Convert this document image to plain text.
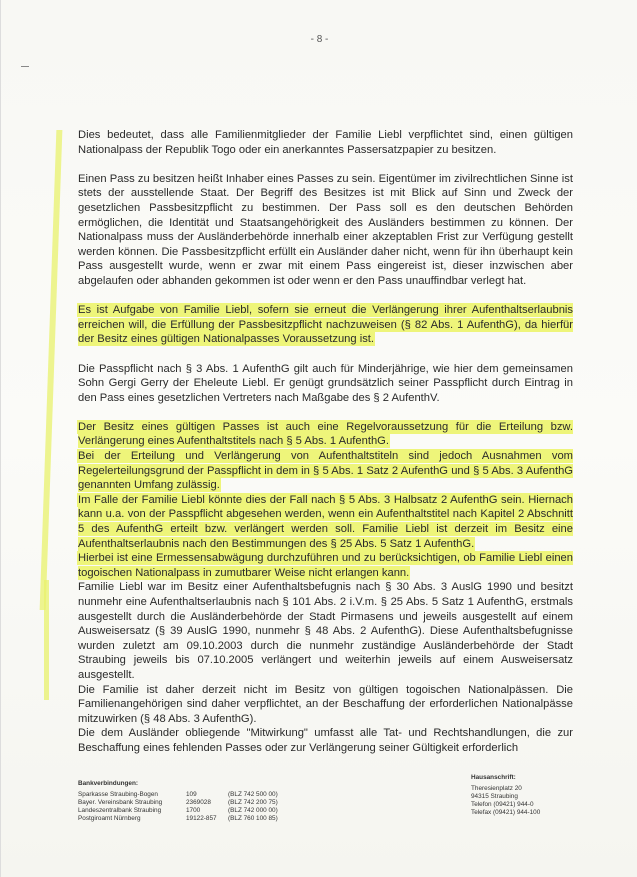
- 8 -

Dies bedeutet, dass alle Familienmitglieder der Familie Liebl verpflichtet sind, einen gültigen Nationalpass der Republik Togo oder ein anerkanntes Passersatzpapier zu besitzen.

Einen Pass zu besitzen heißt Inhaber eines Passes zu sein. Eigentümer im zivilrechtlichen Sinne ist stets der ausstellende Staat. Der Begriff des Besitzes ist mit Blick auf Sinn und Zweck der gesetzlichen Passbesitzpflicht zu bestimmen. Der Pass soll es den deutschen Behörden ermöglichen, die Identität und Staatsangehörigkeit des Ausländers bestimmen zu können. Der Nationalpass muss der Ausländerbehörde innerhalb einer akzeptablen Frist zur Verfügung gestellt werden können. Die Passbesitzpflicht erfüllt ein Ausländer daher nicht, wenn für ihn überhaupt kein Pass ausgestellt wurde, wenn er zwar mit einem Pass eingereist ist, dieser inzwischen aber abgelaufen oder abhanden gekommen ist oder wenn er den Pass unauffindbar verlegt hat.

Es ist Aufgabe von Familie Liebl, sofern sie erneut die Verlängerung ihrer Aufenthaltserlaubnis erreichen will, die Erfüllung der Passbesitzpflicht nachzuweisen (§ 82 Abs. 1 AufenthG), da hierfür der Besitz eines gültigen Nationalpasses Voraussetzung ist.

Die Passpflicht nach § 3 Abs. 1 AufenthG gilt auch für Minderjährige, wie hier dem gemeinsamen Sohn Gergi Gerry der Eheleute Liebl. Er genügt grundsätzlich seiner Passpflicht durch Eintrag in den Pass eines gesetzlichen Vertreters nach Maßgabe des § 2 AufenthV.

Der Besitz eines gültigen Passes ist auch eine Regelvoraussetzung für die Erteilung bzw. Verlängerung eines Aufenthaltstitels nach § 5 Abs. 1 AufenthG.

Bei der Erteilung und Verlängerung von Aufenthaltstiteln sind jedoch Ausnahmen vom Regelerteilungsgrund der Passpflicht in dem in § 5 Abs. 1 Satz 2 AufenthG und § 5 Abs. 3 AufenthG genannten Umfang zulässig.

Im Falle der Familie Liebl könnte dies der Fall nach § 5 Abs. 3 Halbsatz 2 AufenthG sein. Hiernach kann u.a. von der Passpflicht abgesehen werden, wenn ein Aufenthaltstitel nach Kapitel 2 Abschnitt 5 des AufenthG erteilt bzw. verlängert werden soll. Familie Liebl ist derzeit im Besitz eine Aufenthaltserlaubnis nach den Bestimmungen des § 25 Abs. 5 Satz 1 AufenthG.

Hierbei ist eine Ermessensabwägung durchzuführen und zu berücksichtigen, ob Familie Liebl einen togoischen Nationalpass in zumutbarer Weise nicht erlangen kann.

Familie Liebl war im Besitz einer Aufenthaltsbefugnis nach § 30 Abs. 3 AuslG 1990 und besitzt nunmehr eine Aufenthaltserlaubnis nach § 101 Abs. 2 i.V.m. § 25 Abs. 5 Satz 1 AufenthG, erstmals ausgestellt durch die Ausländerbehörde der Stadt Pirmasens und jeweils ausgestellt auf einem Ausweisersatz (§ 39 AuslG 1990, nunmehr § 48 Abs. 2 AufenthG). Diese Aufenthaltsbefugnisse wurden zuletzt am 09.10.2003 durch die nunmehr zuständige Ausländerbehörde der Stadt Straubing jeweils bis 07.10.2005 verlängert und weiterhin jeweils auf einem Ausweisersatz ausgestellt.

Die Familie ist daher derzeit nicht im Besitz von gültigen togoischen Nationalpässen. Die Familienangehörigen sind daher verpflichtet, an der Beschaffung der erforderlichen Nationalpässe mitzuwirken (§ 48 Abs. 3 AufenthG).

Die dem Ausländer obliegende "Mitwirkung" umfasst alle Tat- und Rechtshandlungen, die zur Beschaffung eines fehlenden Passes oder zur Verlängerung seiner Gültigkeit erforderlich

Bankverbindungen:
Sparkasse Straubing-Bogen	109	(BLZ 742 500 00)
Bayer. Vereinsbank Straubing	2369028	(BLZ 742 200 75)
Landeszentralbank Straubing	1700	(BLZ 742 000 00)
Postgiroamt Nürnberg	19122-857	(BLZ 760 100 85)
Hausanschrift:
Theresienplatz 20
94315 Straubing
Telefon (09421) 944-0
Telefax (09421) 944-100
